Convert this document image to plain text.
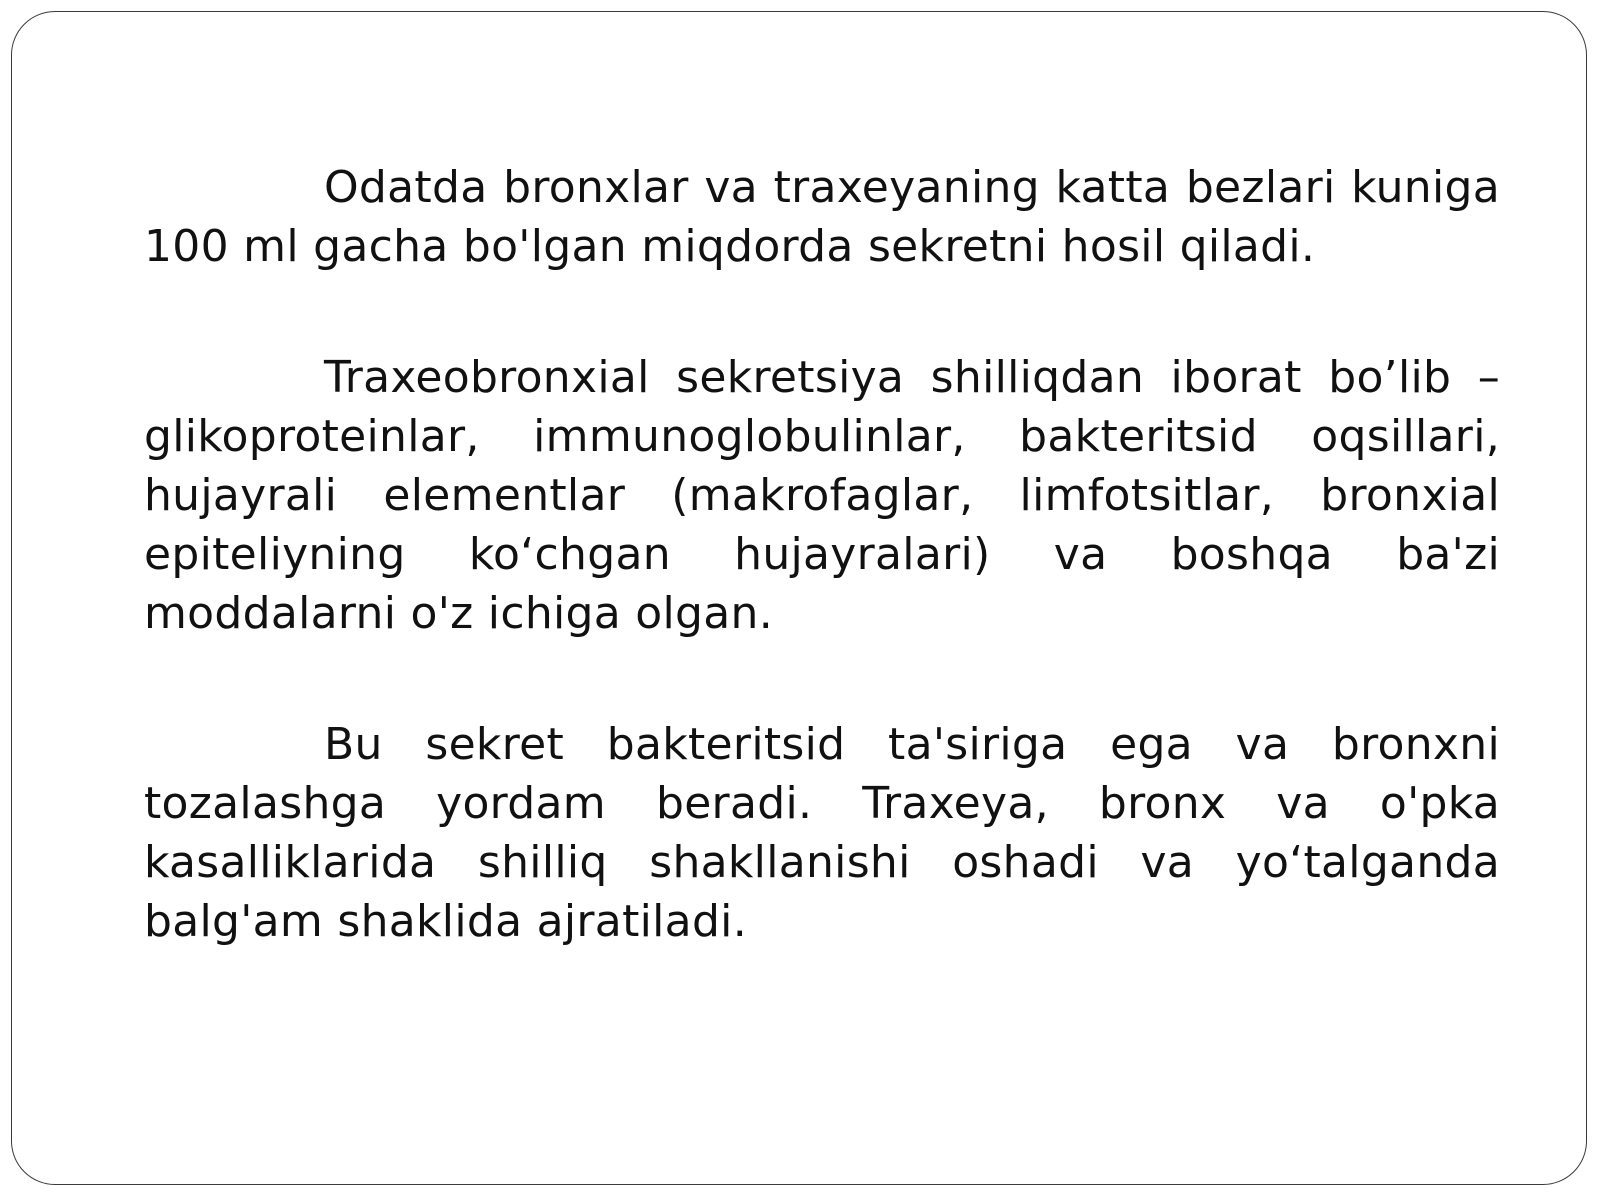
Odatda bronxlar va traxeyaning katta bezlari kuniga 100 ml gacha bo'lgan miqdorda sekretni hosil qiladi.

Traxeobronxial sekretsiya shilliqdan iborat bo’lib – glikoproteinlar, immunoglobulinlar, bakteritsid oqsillari, hujayrali elementlar (makrofaglar, limfotsitlar, bronxial epiteliyning ko‘chgan hujayralari) va boshqa ba'zi moddalarni o'z ichiga olgan.

Bu sekret bakteritsid ta'siriga ega va bronxni tozalashga yordam beradi. Traxeya, bronx va o'pka kasalliklarida shilliq shakllanishi oshadi va yo‘talganda balg'am shaklida ajratiladi.
